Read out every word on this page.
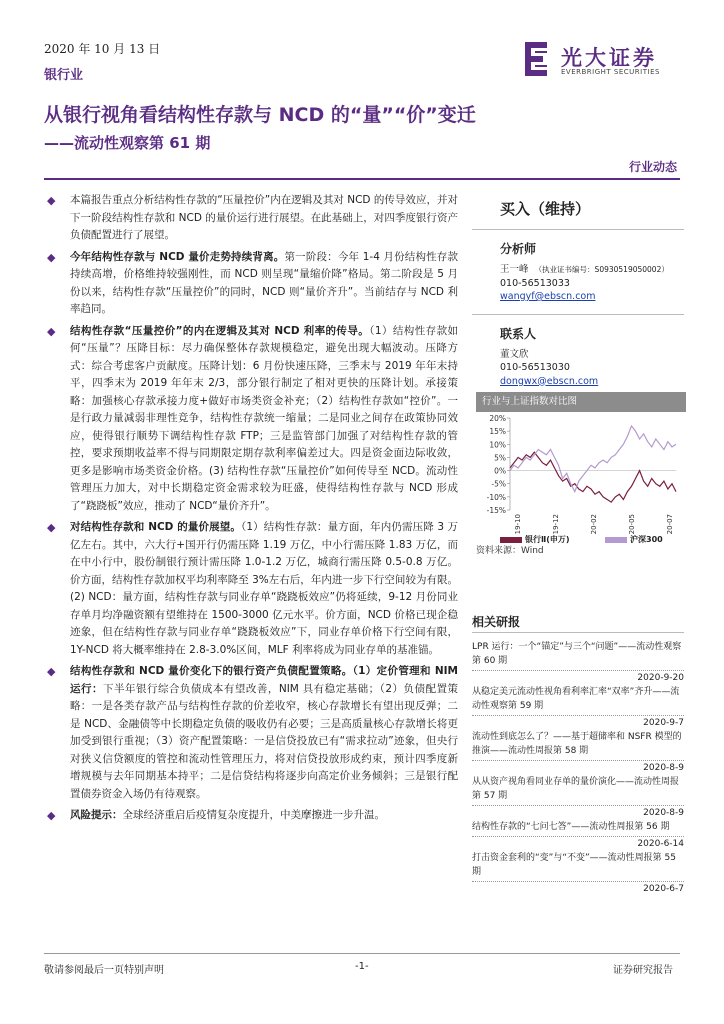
2020 年 10 月 13 日
银行业
光大证券
EVERBRIGHT SECURITIES
从银行视角看结构性存款与 NCD 的“量”“价”变迁
——流动性观察第 61 期
行业动态
◆ 本篇报告重点分析结构性存款的“压量控价”内在逻辑及其对 NCD 的传导效应，并对下一阶段结构性存款和 NCD 的量价运行进行展望。在此基础上，对四季度银行资产负债配置进行了展望。
◆ 今年结构性存款与 NCD 量价走势持续背离。第一阶段：今年 1-4 月份结构性存款持续高增，价格维持较强刚性，而 NCD 则呈现“量缩价降”格局。第二阶段是 5 月份以来，结构性存款“压量控价”的同时，NCD 则“量价齐升”。当前结存与 NCD 利率趋同。
◆ 结构性存款“压量控价”的内在逻辑及其对 NCD 利率的传导。（1）结构性存款如何“压量”？压降目标：尽力确保整体存款规模稳定，避免出现大幅波动。压降方式：综合考虑客户贡献度。压降计划：6 月份快速压降，三季末与 2019 年年末持平，四季末为 2019 年年末 2/3，部分银行制定了相对更快的压降计划。承接策略：加强核心存款承接力度+做好市场类资金补充；（2）结构性存款如“控价”。一是行政力量减弱非理性竞争，结构性存款统一缩量；二是同业之间存在政策协同效应，使得银行顺势下调结构性存款 FTP；三是监管部门加强了对结构性存款的管控，要求预期收益率不得与同期限定期存款利率偏差过大。四是资金面边际收敛，更多是影响市场类资金价格。(3) 结构性存款“压量控价”如何传导至 NCD。流动性管理压力加大，对中长期稳定资金需求较为旺盛，使得结构性存款与 NCD 形成了“跷跷板”效应，推动了 NCD“量价齐升”。
◆ 对结构性存款和 NCD 的量价展望。（1）结构性存款：量方面，年内仍需压降 3 万亿左右。其中，六大行+国开行仍需压降 1.19 万亿，中小行需压降 1.83 万亿，而在中小行中，股份制银行预计需压降 1.0-1.2 万亿，城商行需压降 0.5-0.8 万亿。价方面，结构性存款加权平均利率降至 3%左右后，年内进一步下行空间较为有限。(2) NCD：量方面，结构性存款与同业存单“跷跷板效应”仍将延续，9-12 月份同业存单月均净融资额有望维持在 1500-3000 亿元水平。价方面，NCD 价格已现企稳迹象，但在结构性存款与同业存单“跷跷板效应”下，同业存单价格下行空间有限，1Y-NCD 将大概率维持在 2.8-3.0%区间，MLF 利率将成为同业存单的基准锚。
◆ 结构性存款和 NCD 量价变化下的银行资产负债配置策略。（1）定价管理和 NIM 运行：下半年银行综合负债成本有望改善，NIM 具有稳定基础；（2）负债配置策略：一是各类存款产品与结构性存款的价差收窄，核心存款增长有望出现反弹；二是 NCD、金融债等中长期稳定负债的吸收仍有必要；三是高质量核心存款增长将更加受到银行重视；（3）资产配置策略：一是信贷投放已有“需求拉动”迹象，但央行对狭义信贷额度的管控和流动性管理压力，将对信贷投放形成约束，预计四季度新增规模与去年同期基本持平；二是信贷结构将逐步向高定价业务倾斜；三是银行配置债券资金入场仍有待观察。
◆ 风险提示：全球经济重启后疫情复杂度提升，中美摩擦进一步升温。
买入（维持）
分析师
王一峰 （执业证书编号：S0930519050002）
010-56513033
wangyf@ebscn.com
联系人
董文欣
010-56513030
dongwx@ebscn.com
行业与上证指数对比图
20%
15%
10%
5%
0%
-5%
-10%
-15%
19-10	19-12	20-02	20-05	20-07
银行Ⅱ(申万)	沪深300
资料来源：Wind
相关研报
LPR 运行：一个“锚定”与三个“问题”——流动性观察第 60 期
2020-9-20
从稳定美元流动性视角看利率汇率“双率”齐升——流动性观察第 59 期
2020-9-7
流动性到底怎么了？——基于超储率和 NSFR 模型的推演——流动性周报第 58 期
2020-8-9
从从资产视角看同业存单的量价演化——流动性周报第 57 期
2020-8-9
结构性存款的“七问七答”——流动性周报第 56 期
2020-6-14
打击资金套利的“变”与“不变”——流动性周报第 55 期
2020-6-7
敬请参阅最后一页特别声明	-1-	证券研究报告
